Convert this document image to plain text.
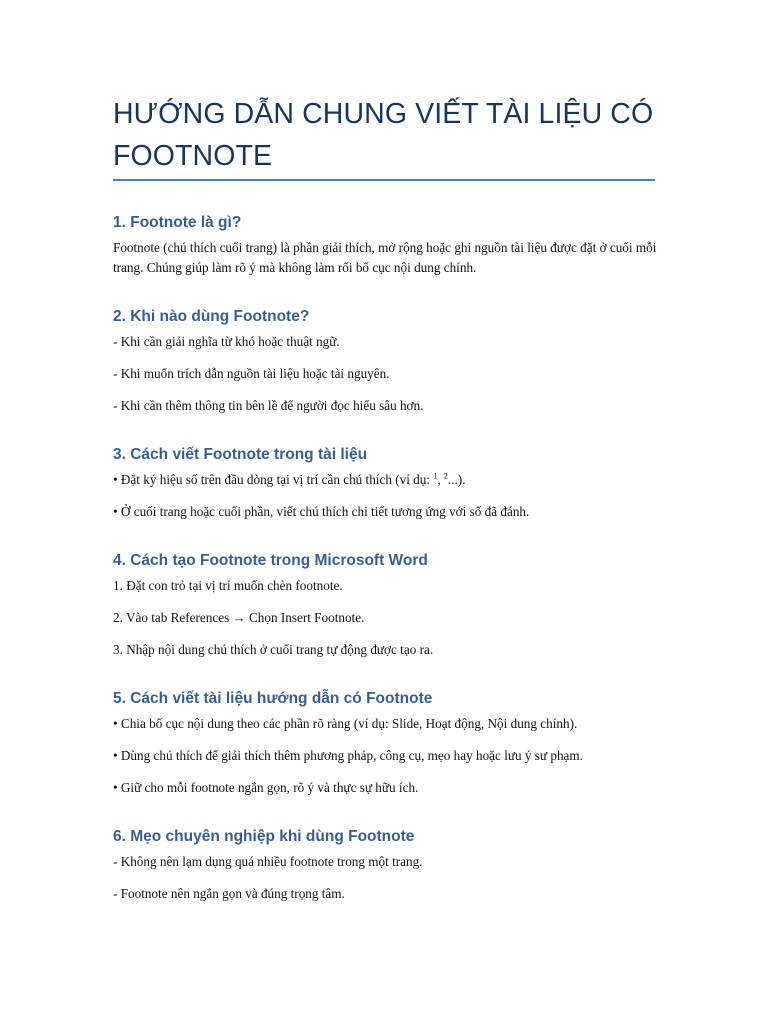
HƯỚNG DẪN CHUNG VIẾT TÀI LIỆU CÓ FOOTNOTE
1. Footnote là gì?

Footnote (chú thích cuối trang) là phần giải thích, mở rộng hoặc ghi nguồn tài liệu được đặt ở cuối mỗi trang. Chúng giúp làm rõ ý mà không làm rối bố cục nội dung chính.

2. Khi nào dùng Footnote?

- Khi cần giải nghĩa từ khó hoặc thuật ngữ.

- Khi muốn trích dẫn nguồn tài liệu hoặc tài nguyên.

- Khi cần thêm thông tin bên lề để người đọc hiểu sâu hơn.

3. Cách viết Footnote trong tài liệu

• Đặt ký hiệu số trên đầu dòng tại vị trí cần chú thích (ví dụ: $^1$, $^2$...).

• Ở cuối trang hoặc cuối phần, viết chú thích chi tiết tương ứng với số đã đánh.

4. Cách tạo Footnote trong Microsoft Word

1. Đặt con trỏ tại vị trí muốn chèn footnote.

2. Vào tab References → Chọn Insert Footnote.

3. Nhập nội dung chú thích ở cuối trang tự động được tạo ra.

5. Cách viết tài liệu hướng dẫn có Footnote

• Chia bố cục nội dung theo các phần rõ ràng (ví dụ: Slide, Hoạt động, Nội dung chính).

• Dùng chú thích để giải thích thêm phương pháp, công cụ, mẹo hay hoặc lưu ý sư phạm.

• Giữ cho mỗi footnote ngắn gọn, rõ ý và thực sự hữu ích.

6. Mẹo chuyên nghiệp khi dùng Footnote

- Không nên lạm dụng quá nhiều footnote trong một trang.

- Footnote nên ngắn gọn và đúng trọng tâm.
